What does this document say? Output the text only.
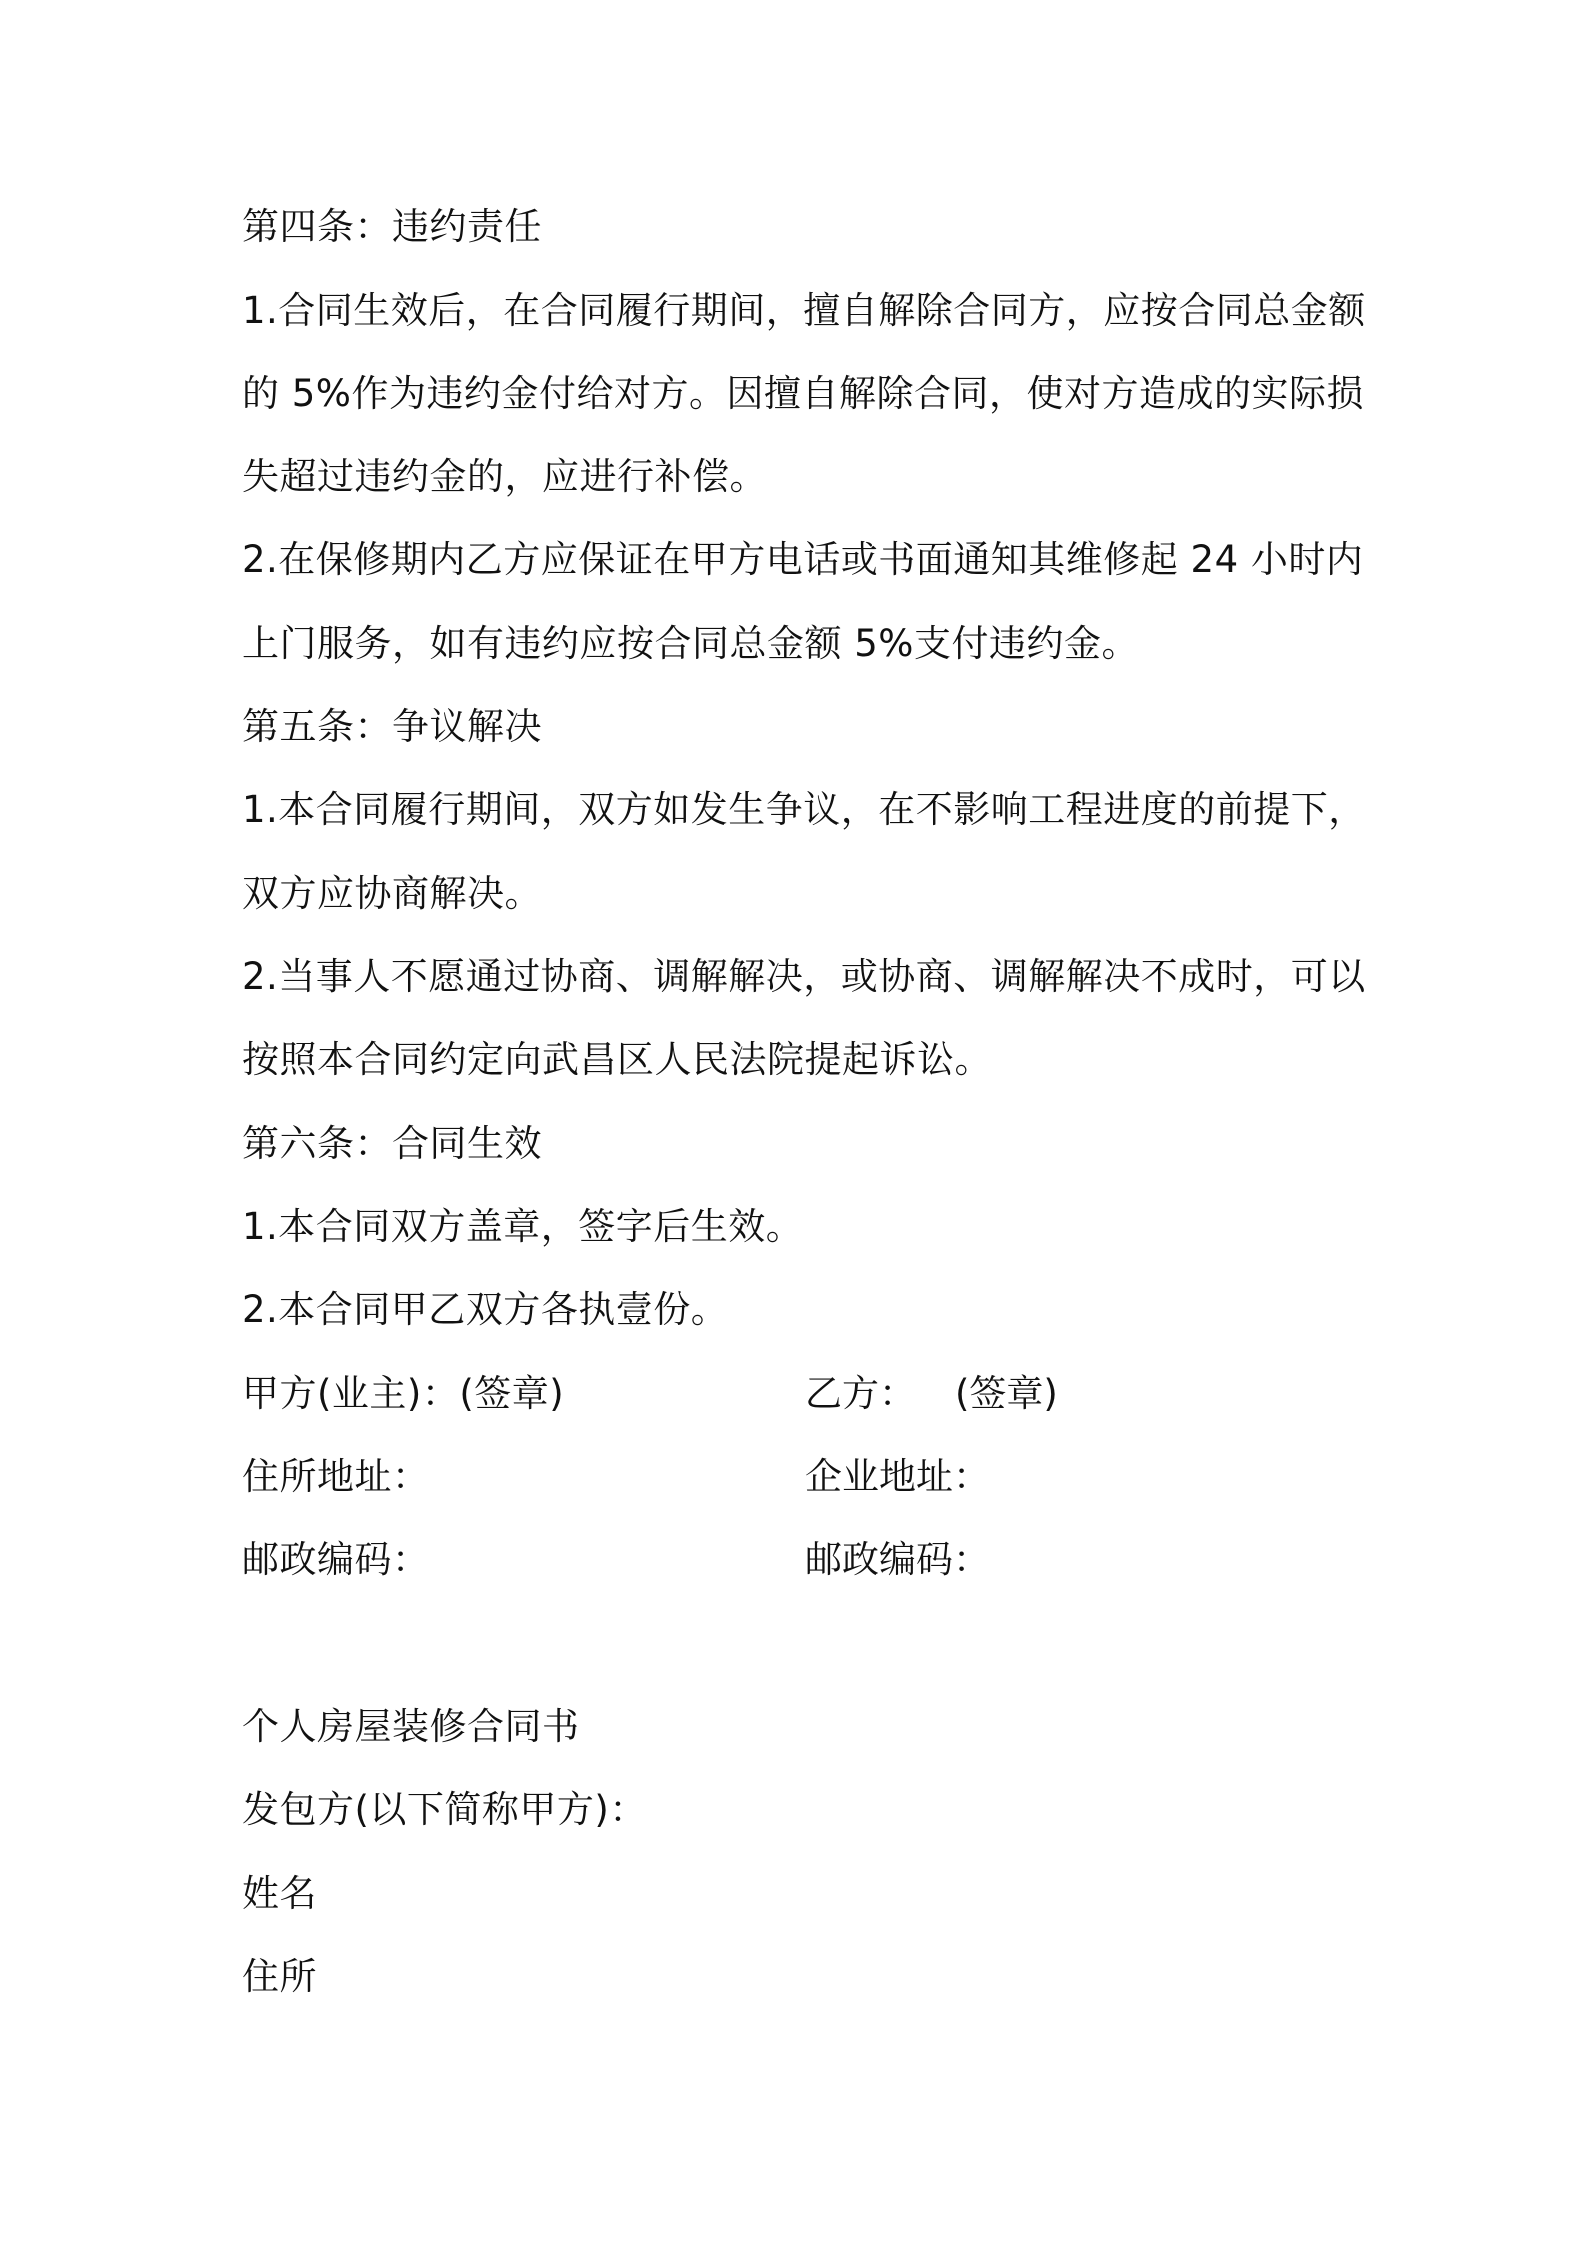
第四条：违约责任
1.合同生效后，在合同履行期间，擅自解除合同方，应按合同总金额
的 5%作为违约金付给对方。因擅自解除合同，使对方造成的实际损
失超过违约金的，应进行补偿。
2.在保修期内乙方应保证在甲方电话或书面通知其维修起 24 小时内
上门服务，如有违约应按合同总金额 5%支付违约金。
第五条：争议解决
1.本合同履行期间，双方如发生争议，在不影响工程进度的前提下，
双方应协商解决。
2.当事人不愿通过协商、调解解决，或协商、调解解决不成时，可以
按照本合同约定向武昌区人民法院提起诉讼。
第六条：合同生效
1.本合同双方盖章，签字后生效。
2.本合同甲乙双方各执壹份。
甲方(业主)：(签章)	乙方： (签章)
住所地址：	企业地址：
邮政编码：	邮政编码：
个人房屋装修合同书
发包方(以下简称甲方)：
姓名
住所
